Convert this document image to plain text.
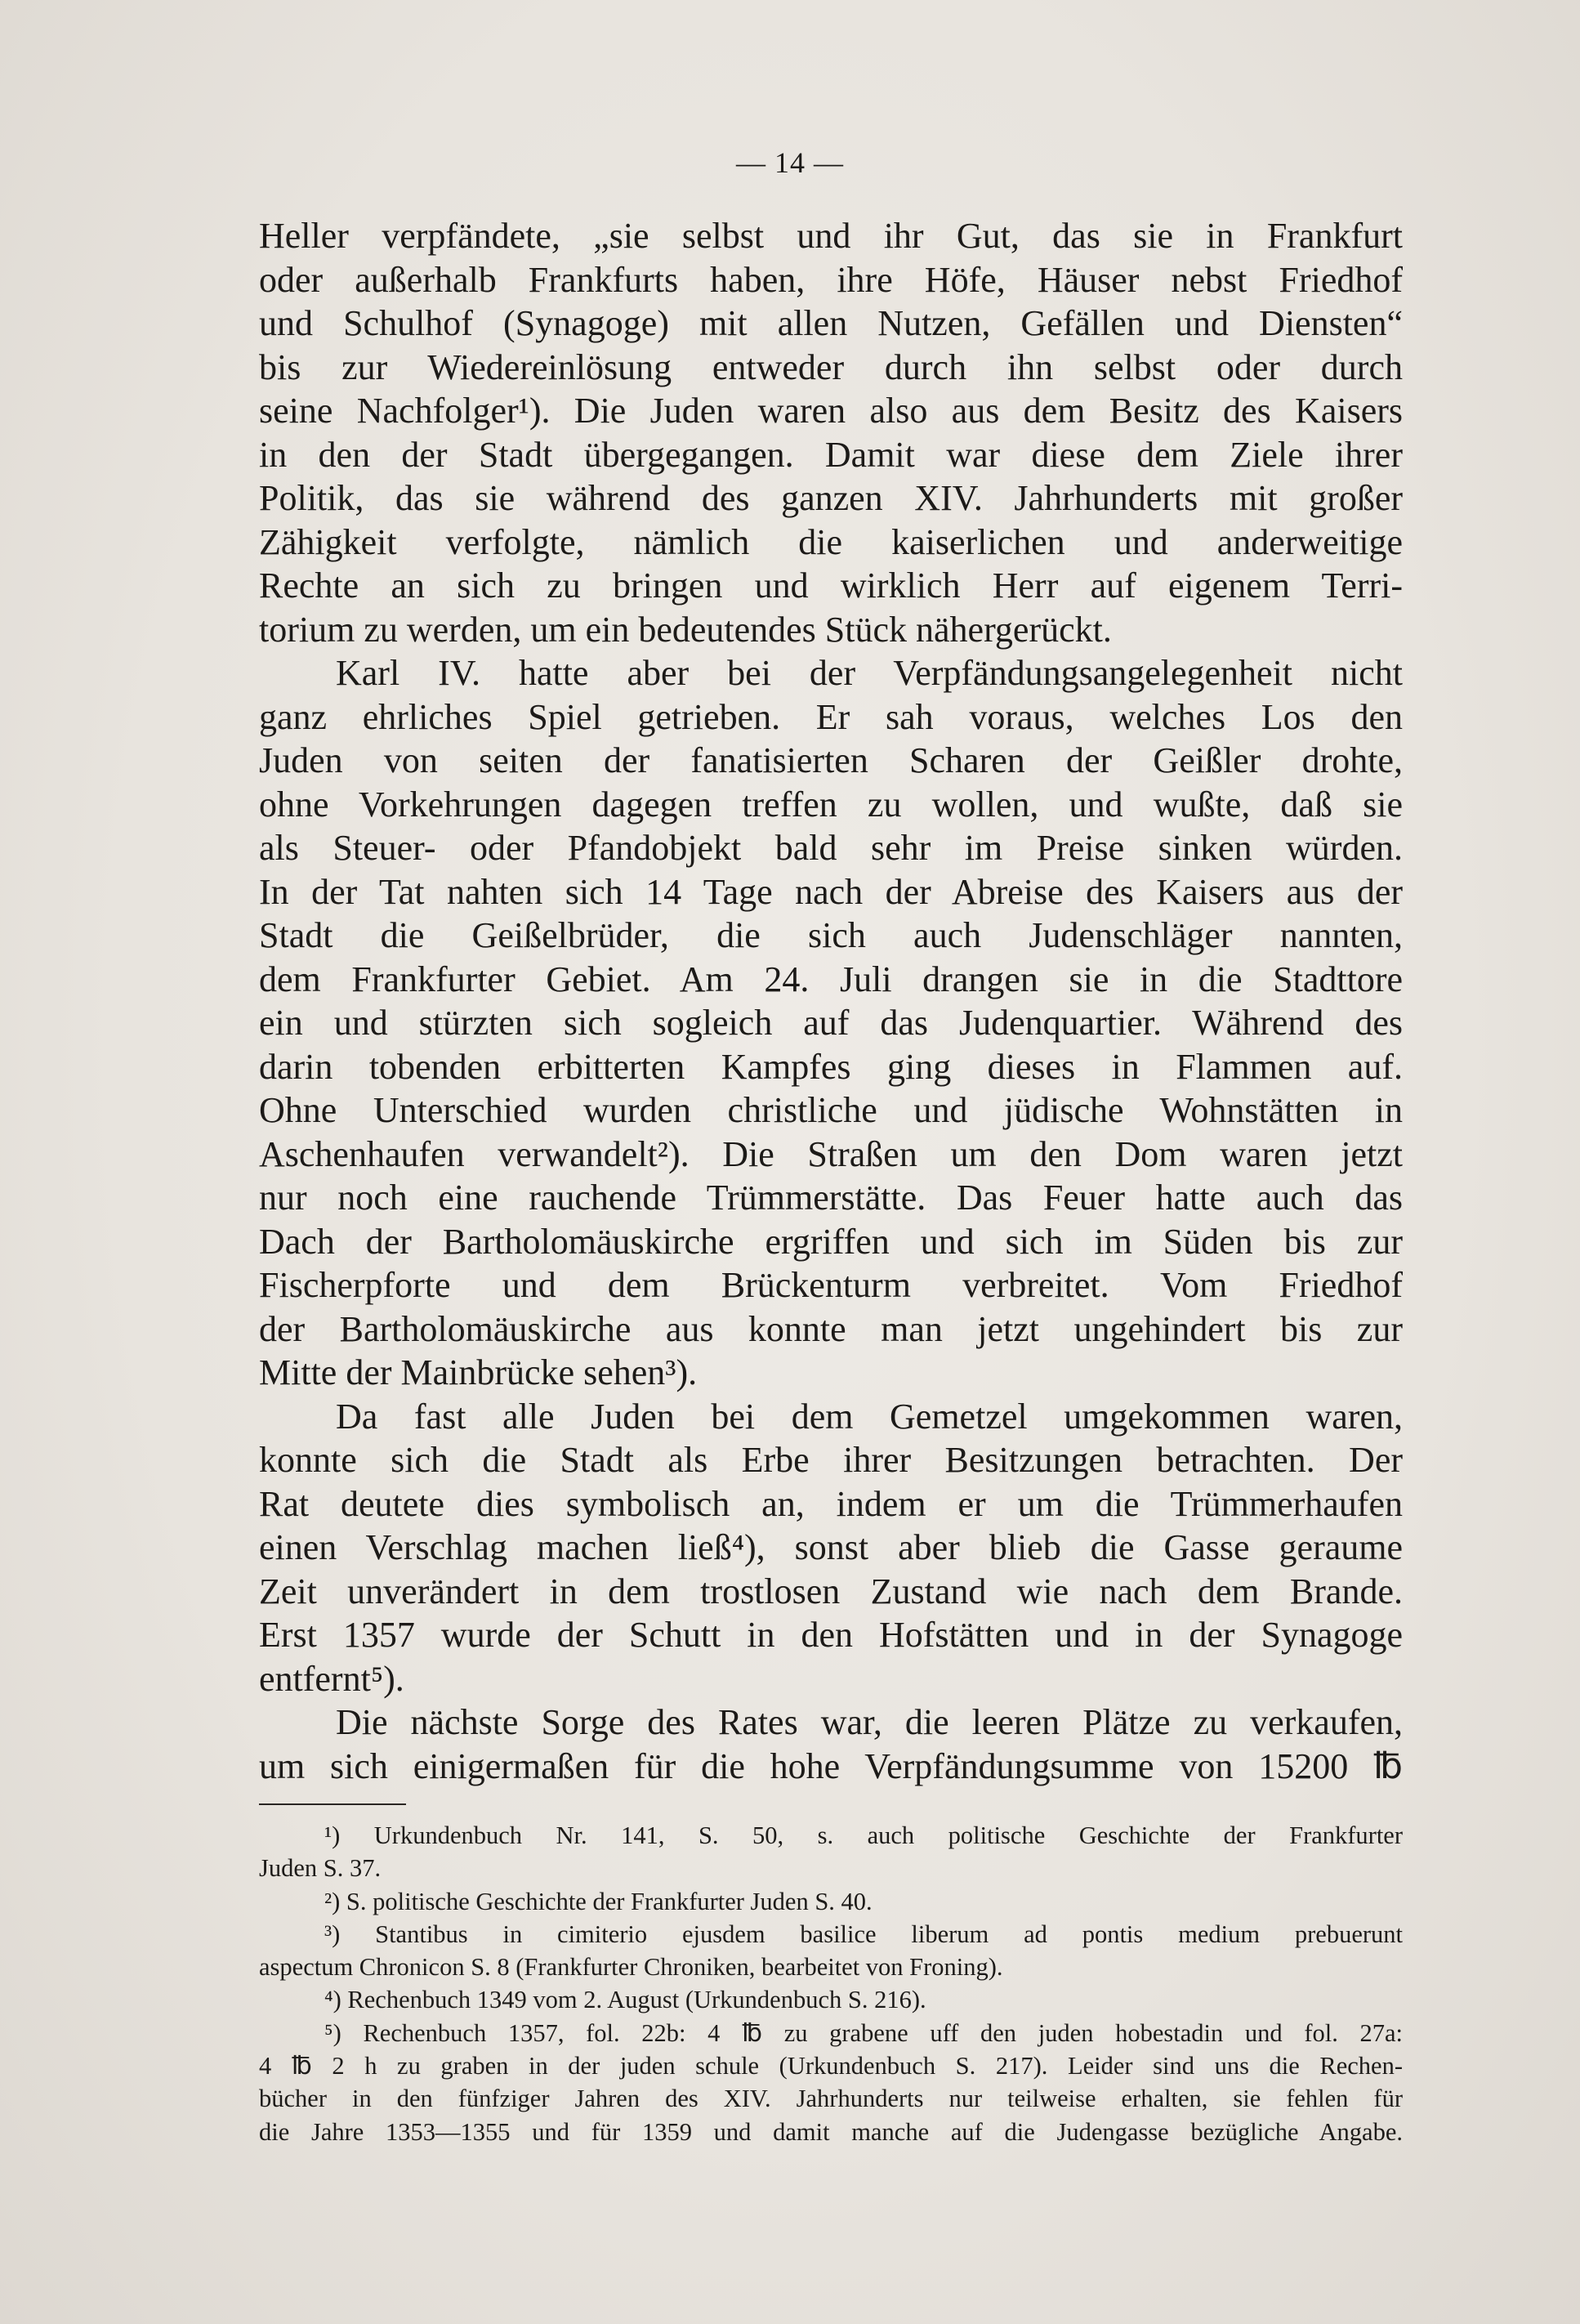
— 14 —
Heller verpfändete, „sie selbst und ihr Gut, das sie in Frankfurt
oder außerhalb Frankfurts haben, ihre Höfe, Häuser nebst Friedhof
und Schulhof (Synagoge) mit allen Nutzen, Gefällen und Diensten“
bis zur Wiedereinlösung entweder durch ihn selbst oder durch
seine Nachfolger¹). Die Juden waren also aus dem Besitz des Kaisers
in den der Stadt übergegangen. Damit war diese dem Ziele ihrer
Politik, das sie während des ganzen XIV. Jahrhunderts mit großer
Zähigkeit verfolgte, nämlich die kaiserlichen und anderweitige
Rechte an sich zu bringen und wirklich Herr auf eigenem Terri-
torium zu werden, um ein bedeutendes Stück nähergerückt.
Karl IV. hatte aber bei der Verpfändungsangelegenheit nicht
ganz ehrliches Spiel getrieben. Er sah voraus, welches Los den
Juden von seiten der fanatisierten Scharen der Geißler drohte,
ohne Vorkehrungen dagegen treffen zu wollen, und wußte, daß sie
als Steuer- oder Pfandobjekt bald sehr im Preise sinken würden.
In der Tat nahten sich 14 Tage nach der Abreise des Kaisers aus der
Stadt die Geißelbrüder, die sich auch Judenschläger nannten,
dem Frankfurter Gebiet. Am 24. Juli drangen sie in die Stadttore
ein und stürzten sich sogleich auf das Judenquartier. Während des
darin tobenden erbitterten Kampfes ging dieses in Flammen auf.
Ohne Unterschied wurden christliche und jüdische Wohnstätten in
Aschenhaufen verwandelt²). Die Straßen um den Dom waren jetzt
nur noch eine rauchende Trümmerstätte. Das Feuer hatte auch das
Dach der Bartholomäuskirche ergriffen und sich im Süden bis zur
Fischerpforte und dem Brückenturm verbreitet. Vom Friedhof
der Bartholomäuskirche aus konnte man jetzt ungehindert bis zur
Mitte der Mainbrücke sehen³).
Da fast alle Juden bei dem Gemetzel umgekommen waren,
konnte sich die Stadt als Erbe ihrer Besitzungen betrachten. Der
Rat deutete dies symbolisch an, indem er um die Trümmerhaufen
einen Verschlag machen ließ⁴), sonst aber blieb die Gasse geraume
Zeit unverändert in dem trostlosen Zustand wie nach dem Brande.
Erst 1357 wurde der Schutt in den Hofstätten und in der Synagoge
entfernt⁵).
Die nächste Sorge des Rates war, die leeren Plätze zu verkaufen,
um sich einigermaßen für die hohe Verpfändungsumme von 15200 ℔
¹) Urkundenbuch Nr. 141, S. 50, s. auch politische Geschichte der Frankfurter
Juden S. 37.
²) S. politische Geschichte der Frankfurter Juden S. 40.
³) Stantibus in cimiterio ejusdem basilice liberum ad pontis medium prebuerunt
aspectum Chronicon S. 8 (Frankfurter Chroniken, bearbeitet von Froning).
⁴) Rechenbuch 1349 vom 2. August (Urkundenbuch S. 216).
⁵) Rechenbuch 1357, fol. 22b: 4 ℔ zu grabene uff den juden hobestadin und fol. 27a:
4 ℔ 2 h zu graben in der juden schule (Urkundenbuch S. 217). Leider sind uns die Rechen-
bücher in den fünfziger Jahren des XIV. Jahrhunderts nur teilweise erhalten, sie fehlen für
die Jahre 1353—1355 und für 1359 und damit manche auf die Judengasse bezügliche Angabe.
